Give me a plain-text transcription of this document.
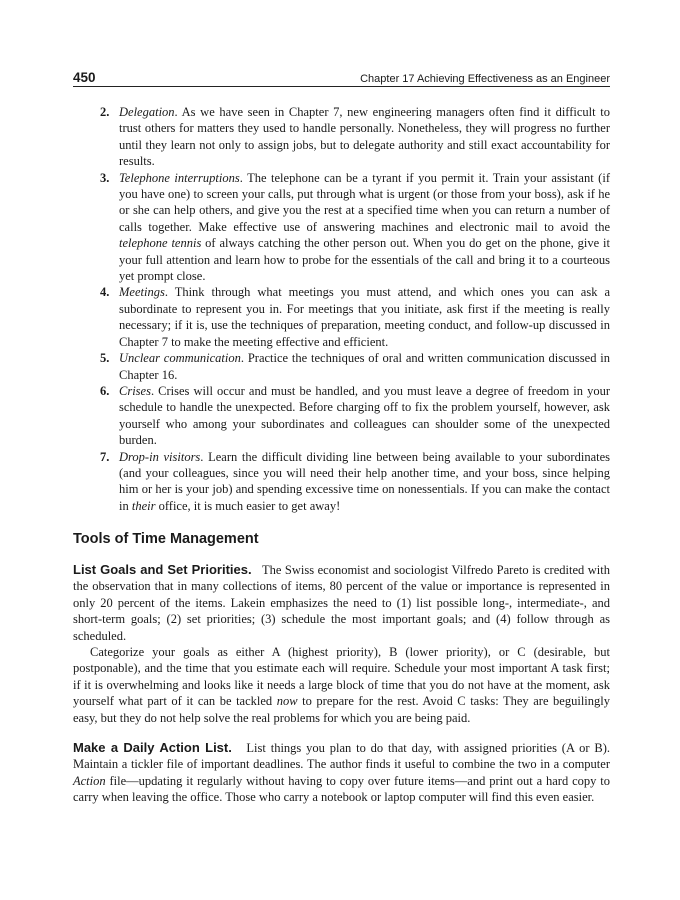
450	Chapter 17 Achieving Effectiveness as an Engineer
2. Delegation. As we have seen in Chapter 7, new engineering managers often find it difficult to trust others for matters they used to handle personally. Nonetheless, they will progress no further until they learn not only to assign jobs, but to delegate authority and still exact accountability for results.
3. Telephone interruptions. The telephone can be a tyrant if you permit it. Train your assistant (if you have one) to screen your calls, put through what is urgent (or those from your boss), ask if he or she can help others, and give you the rest at a specified time when you can return a number of calls together. Make effective use of answering machines and electronic mail to avoid the telephone tennis of always catching the other person out. When you do get on the phone, give it your full attention and learn how to probe for the essentials of the call and bring it to a courteous yet prompt close.
4. Meetings. Think through what meetings you must attend, and which ones you can ask a subordinate to represent you in. For meetings that you initiate, ask first if the meeting is really necessary; if it is, use the techniques of preparation, meeting conduct, and follow-up discussed in Chapter 7 to make the meeting effective and efficient.
5. Unclear communication. Practice the techniques of oral and written communication discussed in Chapter 16.
6. Crises. Crises will occur and must be handled, and you must leave a degree of freedom in your schedule to handle the unexpected. Before charging off to fix the problem yourself, however, ask yourself who among your subordinates and colleagues can shoulder some of the unexpected burden.
7. Drop-in visitors. Learn the difficult dividing line between being available to your subordinates (and your colleagues, since you will need their help another time, and your boss, since helping him or her is your job) and spending excessive time on nonessentials. If you can make the contact in their office, it is much easier to get away!
Tools of Time Management

List Goals and Set Priorities. The Swiss economist and sociologist Vilfredo Pareto is credited with the observation that in many collections of items, 80 percent of the value or importance is represented in only 20 percent of the items. Lakein emphasizes the need to (1) list possible long-, intermediate-, and short-term goals; (2) set priorities; (3) schedule the most important goals; and (4) follow through as scheduled.

Categorize your goals as either A (highest priority), B (lower priority), or C (desirable, but postponable), and the time that you estimate each will require. Schedule your most important A task first; if it is overwhelming and looks like it needs a large block of time that you do not have at the moment, ask yourself what part of it can be tackled now to prepare for the rest. Avoid C tasks: They are beguilingly easy, but they do not help solve the real problems for which you are being paid.

Make a Daily Action List. List things you plan to do that day, with assigned priorities (A or B). Maintain a tickler file of important deadlines. The author finds it useful to combine the two in a computer Action file—updating it regularly without having to copy over future items—and print out a hard copy to carry when leaving the office. Those who carry a notebook or laptop computer will find this even easier.
